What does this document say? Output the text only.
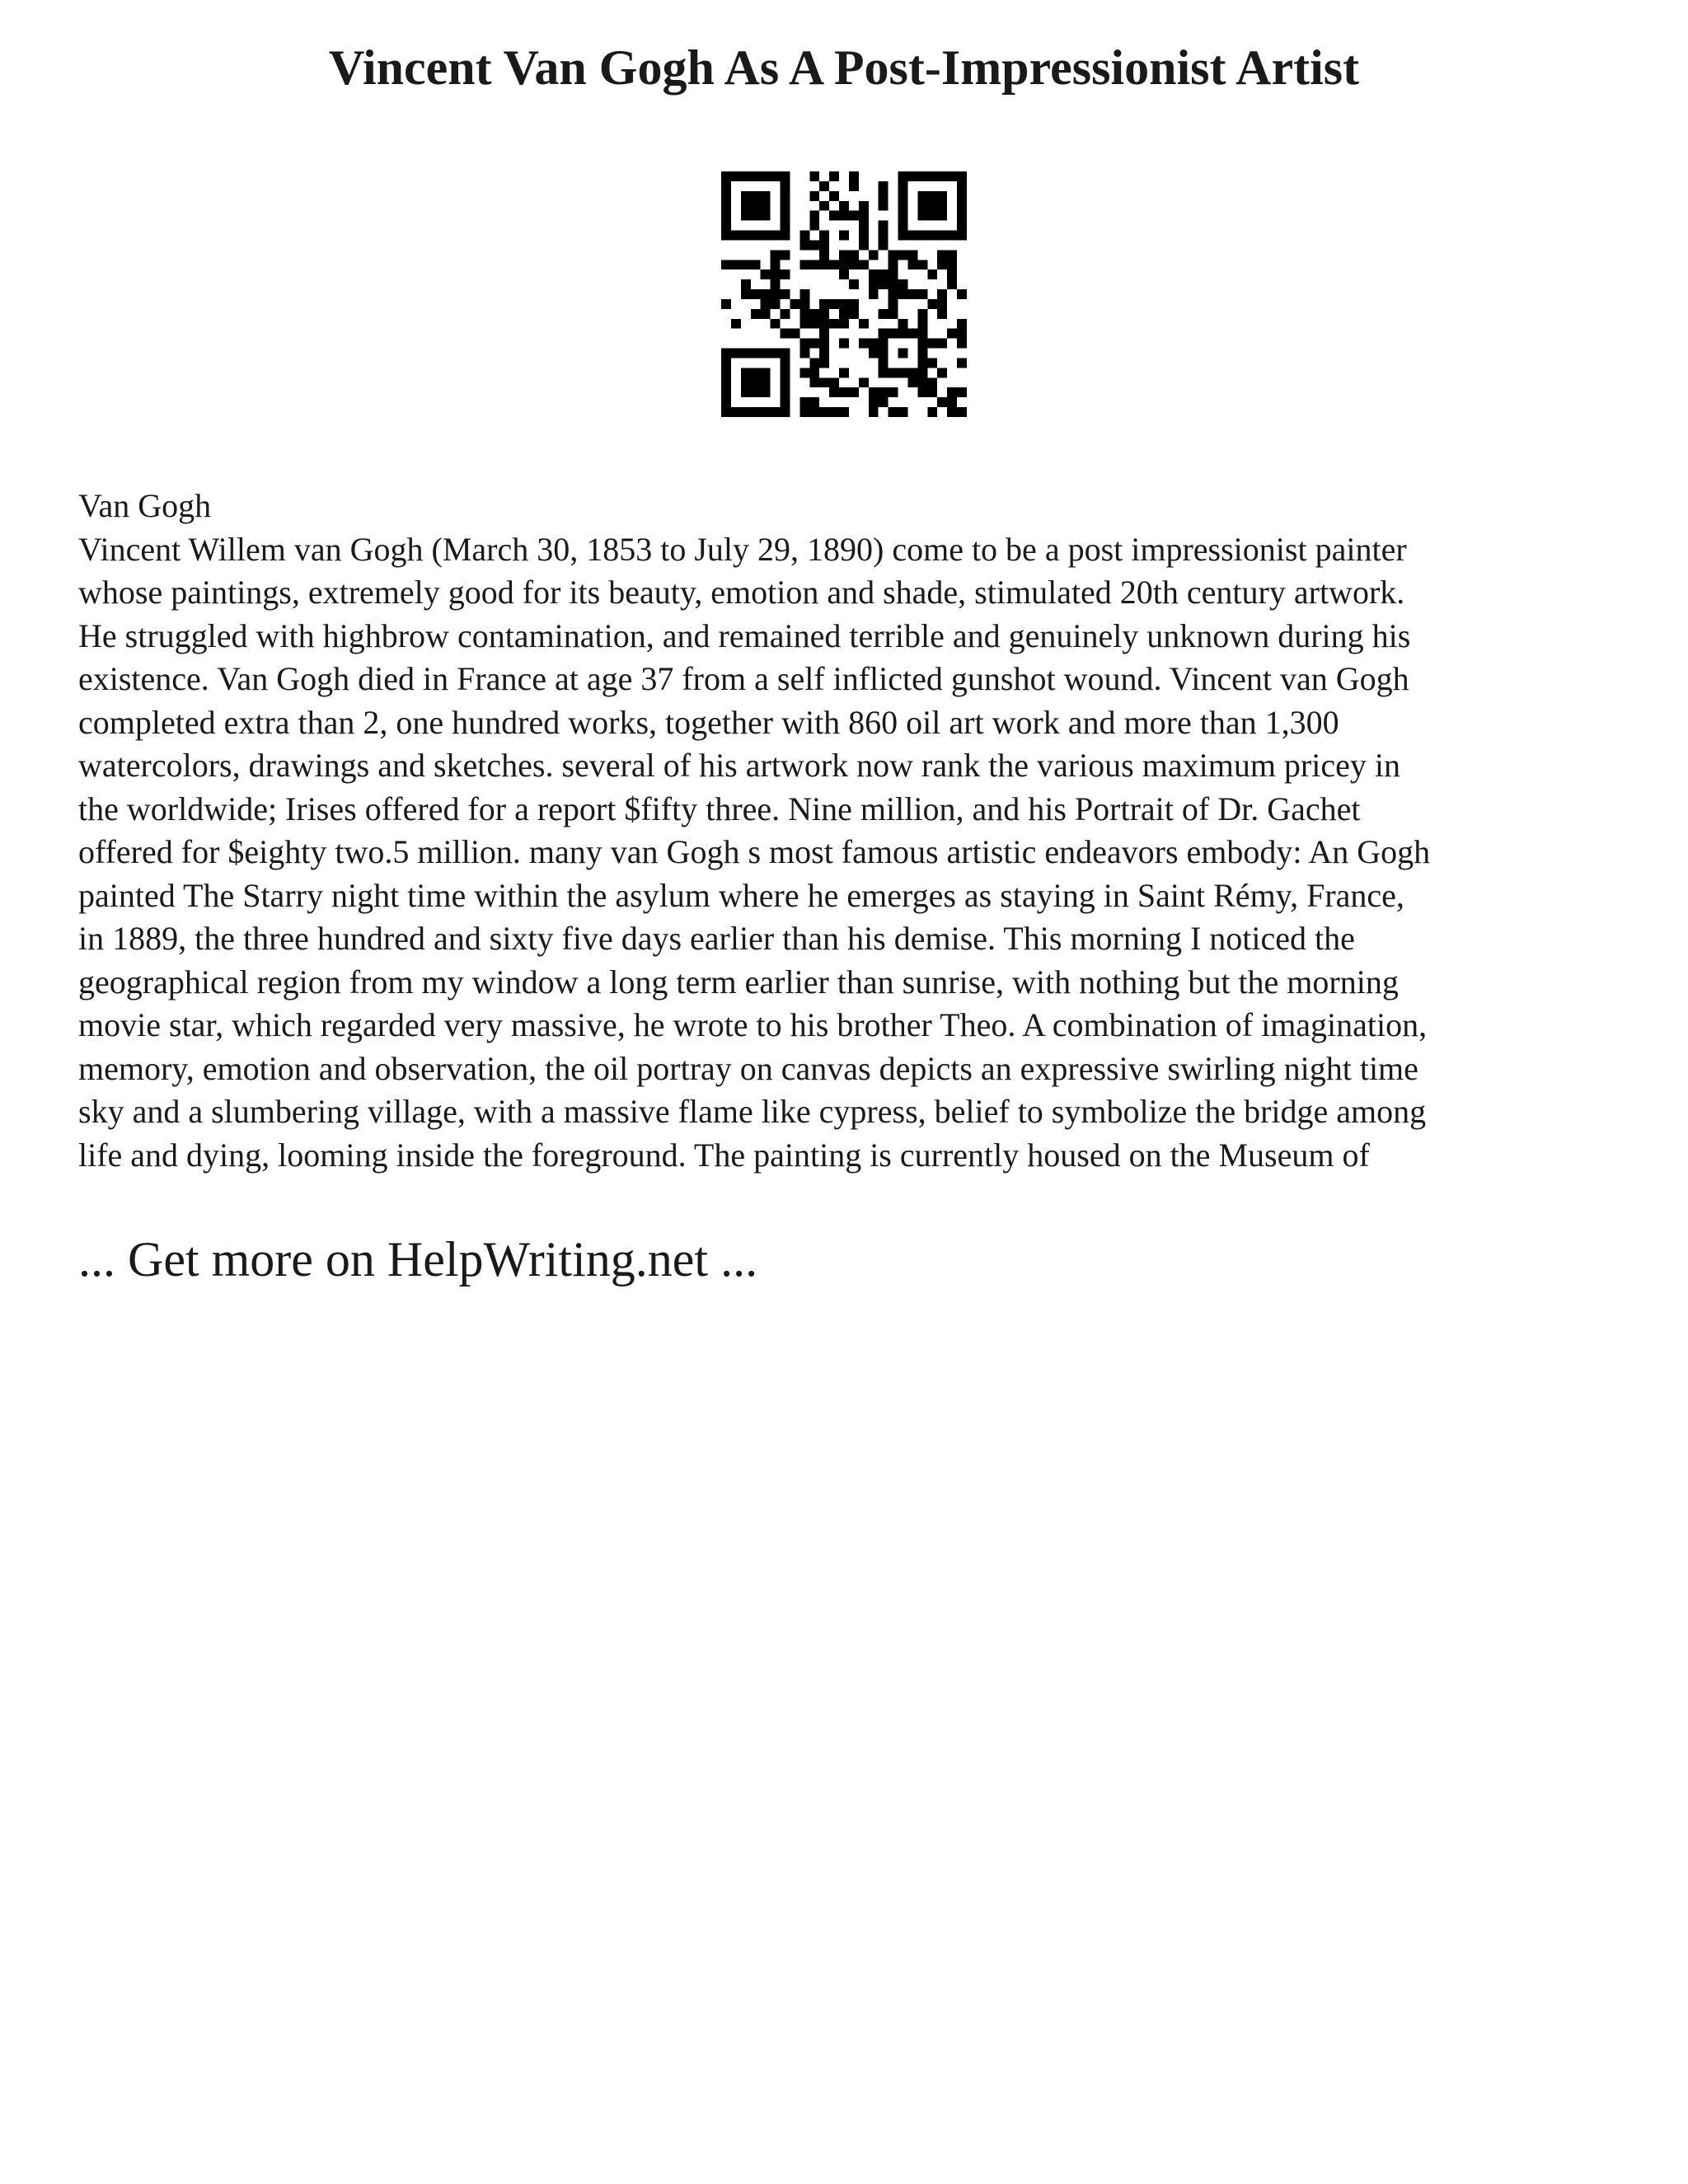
Vincent Van Gogh As A Post-Impressionist Artist

Van Gogh

Vincent Willem van Gogh (March 30, 1853 to July 29, 1890) come to be a post impressionist painter
whose paintings, extremely good for its beauty, emotion and shade, stimulated 20th century artwork.
He struggled with highbrow contamination, and remained terrible and genuinely unknown during his
existence. Van Gogh died in France at age 37 from a self inflicted gunshot wound. Vincent van Gogh
completed extra than 2, one hundred works, together with 860 oil art work and more than 1,300
watercolors, drawings and sketches. several of his artwork now rank the various maximum pricey in
the worldwide; Irises offered for a report $fifty three. Nine million, and his Portrait of Dr. Gachet
offered for $eighty two.5 million. many van Gogh s most famous artistic endeavors embody: An Gogh
painted The Starry night time within the asylum where he emerges as staying in Saint Rémy, France,
in 1889, the three hundred and sixty five days earlier than his demise. This morning I noticed the
geographical region from my window a long term earlier than sunrise, with nothing but the morning
movie star, which regarded very massive, he wrote to his brother Theo. A combination of imagination,
memory, emotion and observation, the oil portray on canvas depicts an expressive swirling night time
sky and a slumbering village, with a massive flame like cypress, belief to symbolize the bridge among
life and dying, looming inside the foreground. The painting is currently housed on the Museum of

... Get more on HelpWriting.net ...
